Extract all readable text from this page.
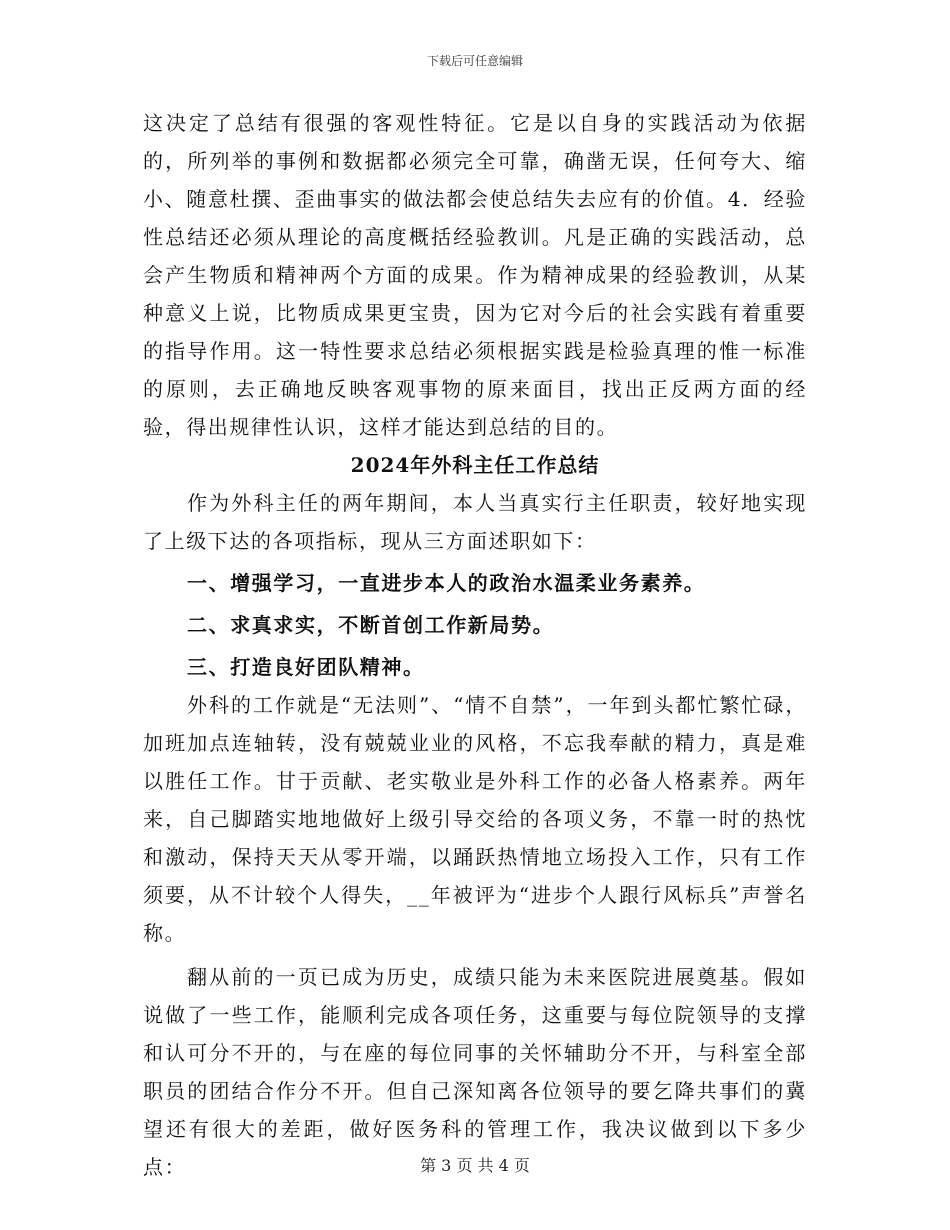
下载后可任意编辑

这决定了总结有很强的客观性特征。它是以自身的实践活动为依据的，所列举的事例和数据都必须完全可靠，确凿无误，任何夸大、缩小、随意杜撰、歪曲事实的做法都会使总结失去应有的价值。4．经验性总结还必须从理论的高度概括经验教训。凡是正确的实践活动，总会产生物质和精神两个方面的成果。作为精神成果的经验教训，从某种意义上说，比物质成果更宝贵，因为它对今后的社会实践有着重要的指导作用。这一特性要求总结必须根据实践是检验真理的惟一标准的原则，去正确地反映客观事物的原来面目，找出正反两方面的经验，得出规律性认识，这样才能达到总结的目的。

2024年外科主任工作总结

作为外科主任的两年期间，本人当真实行主任职责，较好地实现了上级下达的各项指标，现从三方面述职如下：

一、增强学习，一直进步本人的政治水温柔业务素养。

二、求真求实，不断首创工作新局势。

三、打造良好团队精神。

外科的工作就是“无法则”、“情不自禁”，一年到头都忙繁忙碌，加班加点连轴转，没有兢兢业业的风格，不忘我奉献的精力，真是难以胜任工作。甘于贡献、老实敬业是外科工作的必备人格素养。两年来，自己脚踏实地地做好上级引导交给的各项义务，不靠一时的热忱和激动，保持天天从零开端，以踊跃热情地立场投入工作，只有工作须要，从不计较个人得失，__年被评为“进步个人跟行风标兵”声誉名称。

翻从前的一页已成为历史，成绩只能为未来医院进展奠基。假如说做了一些工作，能顺利完成各项任务，这重要与每位院领导的支撑和认可分不开的，与在座的每位同事的关怀辅助分不开，与科室全部职员的团结合作分不开。但自己深知离各位领导的要乞降共事们的冀望还有很大的差距，做好医务科的管理工作，我决议做到以下多少点：	第 3 页 共 4 页
